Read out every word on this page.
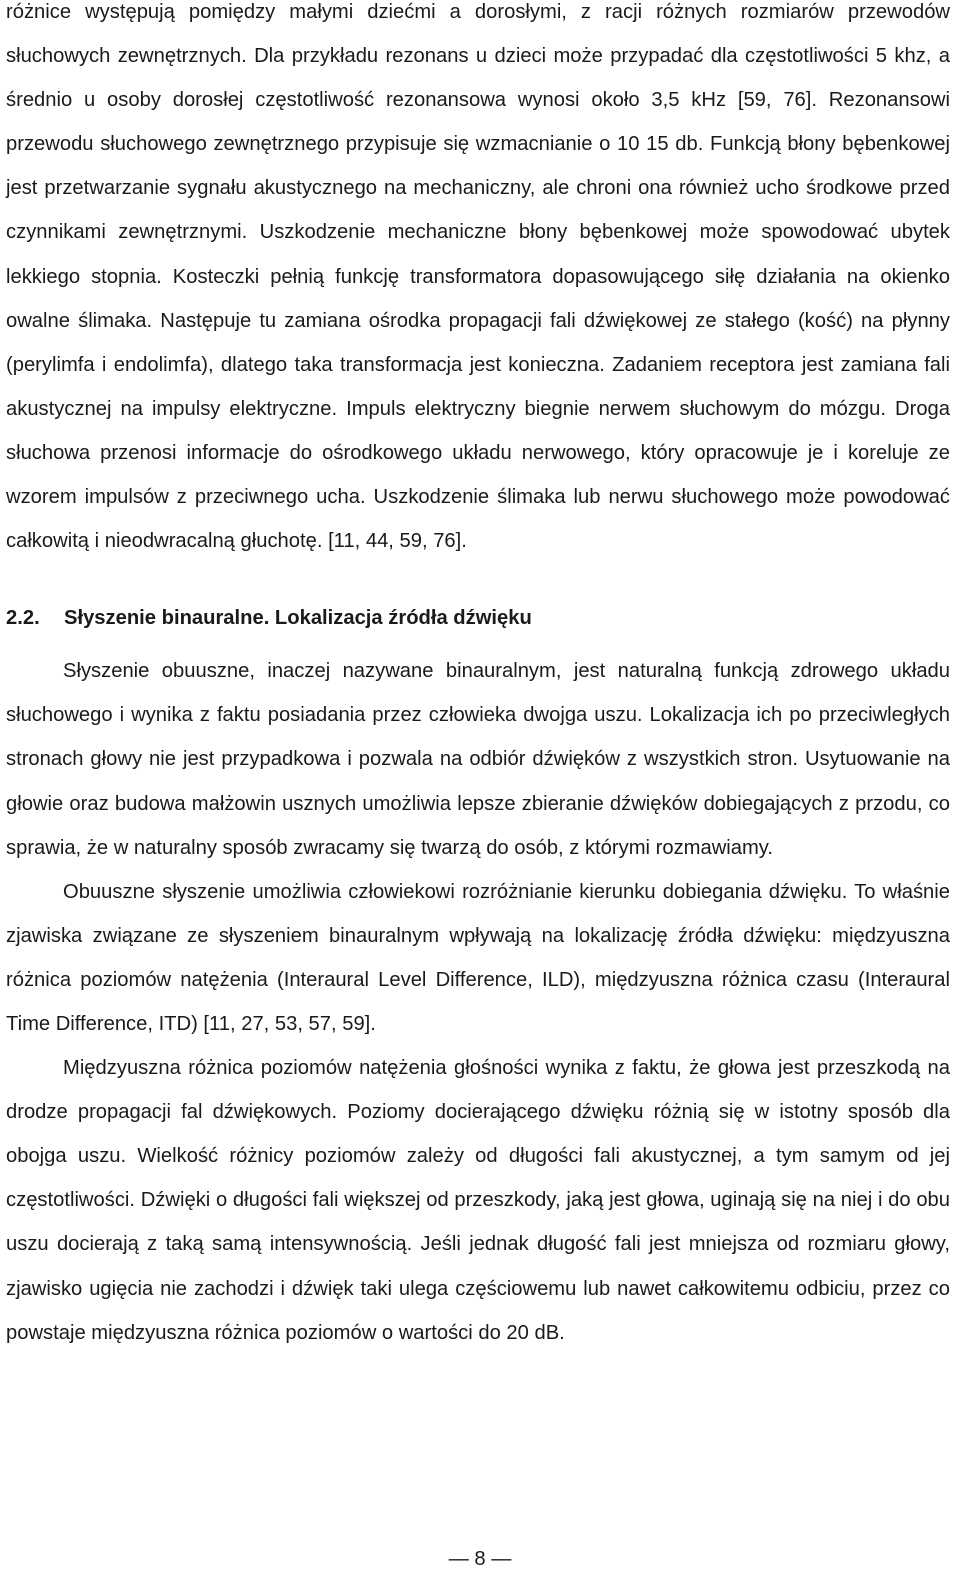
różnice występują pomiędzy małymi dziećmi a dorosłymi, z racji różnych rozmiarów przewodów słuchowych zewnętrznych. Dla przykładu rezonans u dzieci może przypadać dla częstotliwości 5 khz, a średnio u osoby dorosłej częstotliwość rezonansowa wynosi około 3,5 kHz [59, 76]. Rezonansowi przewodu słuchowego zewnętrznego przypisuje się wzmacnianie o 10 15 db. Funkcją błony bębenkowej jest przetwarzanie sygnału akustycznego na mechaniczny, ale chroni ona również ucho środkowe przed czynnikami zewnętrznymi. Uszkodzenie mechaniczne błony bębenkowej może spowodować ubytek lekkiego stopnia. Kosteczki pełnią funkcję transformatora dopasowującego siłę działania na okienko owalne ślimaka. Następuje tu zamiana ośrodka propagacji fali dźwiękowej ze stałego (kość) na płynny (perylimfa i endolimfa), dlatego taka transformacja jest konieczna. Zadaniem receptora jest zamiana fali akustycznej na impulsy elektryczne. Impuls elektryczny biegnie nerwem słuchowym do mózgu. Droga słuchowa przenosi informacje do ośrodkowego układu nerwowego, który opracowuje je i koreluje ze wzorem impulsów z przeciwnego ucha. Uszkodzenie ślimaka lub nerwu słuchowego może powodować całkowitą i nieodwracalną głuchotę. [11, 44, 59, 76].

2.2. Słyszenie binauralne. Lokalizacja źródła dźwięku

Słyszenie obuuszne, inaczej nazywane binauralnym, jest naturalną funkcją zdrowego układu słuchowego i wynika z faktu posiadania przez człowieka dwojga uszu. Lokalizacja ich po przeciwległych stronach głowy nie jest przypadkowa i pozwala na odbiór dźwięków z wszystkich stron. Usytuowanie na głowie oraz budowa małżowin usznych umożliwia lepsze zbieranie dźwięków dobiegających z przodu, co sprawia, że w naturalny sposób zwracamy się twarzą do osób, z którymi rozmawiamy.

Obuuszne słyszenie umożliwia człowiekowi rozróżnianie kierunku dobiegania dźwięku. To właśnie zjawiska związane ze słyszeniem binauralnym wpływają na lokalizację źródła dźwięku: międzyuszna różnica poziomów natężenia (Interaural Level Difference, ILD), międzyuszna różnica czasu (Interaural Time Difference, ITD) [11, 27, 53, 57, 59].

Międzyuszna różnica poziomów natężenia głośności wynika z faktu, że głowa jest przeszkodą na drodze propagacji fal dźwiękowych. Poziomy docierającego dźwięku różnią się w istotny sposób dla obojga uszu. Wielkość różnicy poziomów zależy od długości fali akustycznej, a tym samym od jej częstotliwości. Dźwięki o długości fali większej od przeszkody, jaką jest głowa, uginają się na niej i do obu uszu docierają z taką samą intensywnością. Jeśli jednak długość fali jest mniejsza od rozmiaru głowy, zjawisko ugięcia nie zachodzi i dźwięk taki ulega częściowemu lub nawet całkowitemu odbiciu, przez co powstaje międzyuszna różnica poziomów o wartości do 20 dB.

— 8 —
